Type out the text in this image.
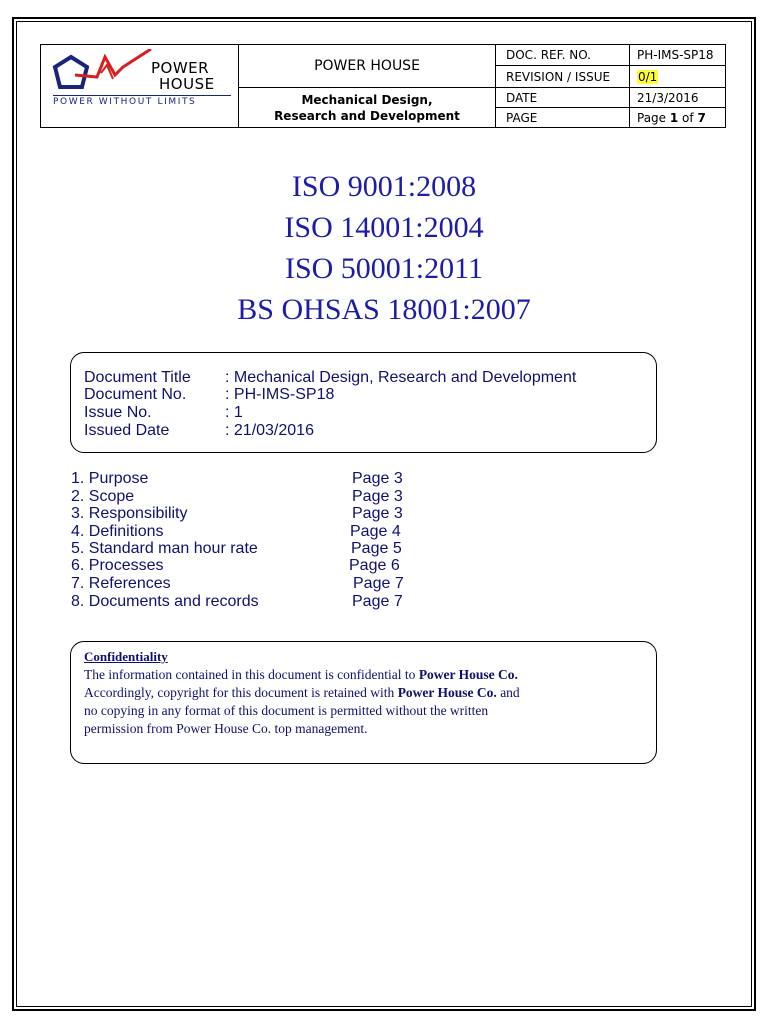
POWER
HOUSE
POWER WITHOUT LIMITS
POWER HOUSE
Mechanical Design,
Research and Development
DOC. REF. NO.	PH-IMS-SP18
REVISION / ISSUE	0/1
DATE	21/3/2016
PAGE	Page 1 of 7
ISO 9001:2008
ISO 14001:2004
ISO 50001:2011
BS OHSAS 18001:2007
Document Title : Mechanical Design, Research and Development
Document No. : PH-IMS-SP18
Issue No.	: 1
Issued Date	: 21/03/2016
1. Purpose	Page 3
2. Scope	Page 3
3. Responsibility	Page 3
4. Definitions	Page 4
5. Standard man hour rate	Page 5
6. Processes	Page 6
7. References	Page 7
8. Documents and records	Page 7
Confidentiality
The information contained in this document is confidential to Power House Co.
Accordingly, copyright for this document is retained with Power House Co. and
no copying in any format of this document is permitted without the written
permission from Power House Co. top management.
